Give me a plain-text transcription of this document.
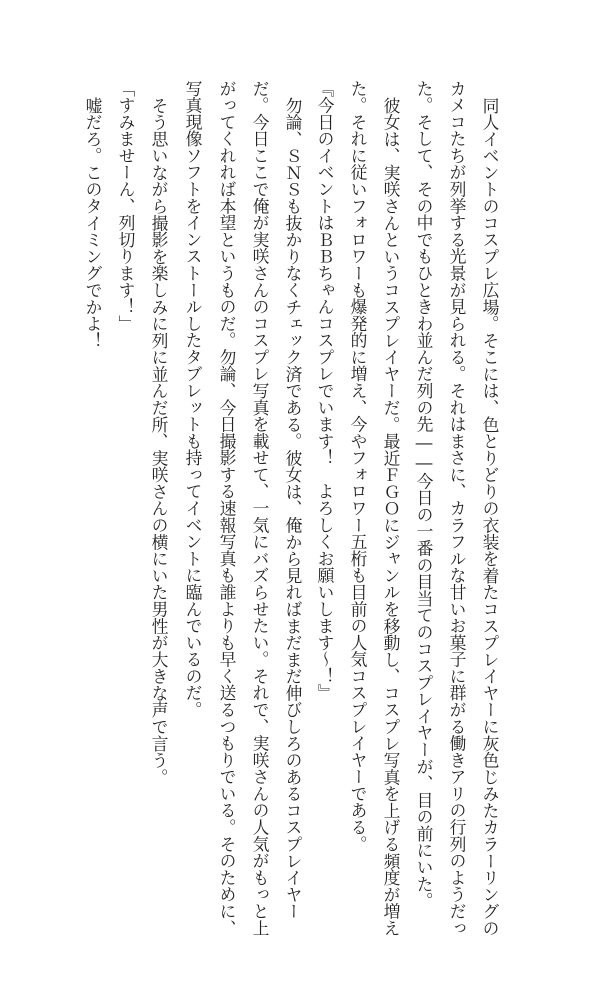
同人イベントのコスプレ広場。そこには、色とりどりの衣装を着たコスプレイヤーに灰色じみたカラーリングの
カメコたちが列挙する光景が見られる。それはまさに、カラフルな甘いお菓子に群がる働きアリの行列のようだっ
た。そして、その中でもひときわ並んだ列の先――今日の一番の目当てのコスプレイヤーが、目の前にいた。
彼女は、実咲さんというコスプレイヤーだ。最近ＦＧＯにジャンルを移動し、コスプレ写真を上げる頻度が増え
た。それに従いフォロワーも爆発的に増え、今やフォロワー五桁も目前の人気コスプレイヤーである。
『今日のイベントはＢＢちゃんコスプレでいます！　よろしくお願いします～！』
勿論、ＳＮＳも抜かりなくチェック済である。彼女は、俺から見ればまだまだ伸びしろのあるコスプレイヤー
だ。今日ここで俺が実咲さんのコスプレ写真を載せて、一気にバズらせたい。それで、実咲さんの人気がもっと上
がってくれれば本望というものだ。勿論、今日撮影する速報写真も誰よりも早く送るつもりでいる。そのために、
写真現像ソフトをインストールしたタブレットも持ってイベントに臨んでいるのだ。
そう思いながら撮影を楽しみに列に並んだ所、実咲さんの横にいた男性が大きな声で言う。
「すみませーん、列切ります！」
嘘だろ。このタイミングでかよ！
